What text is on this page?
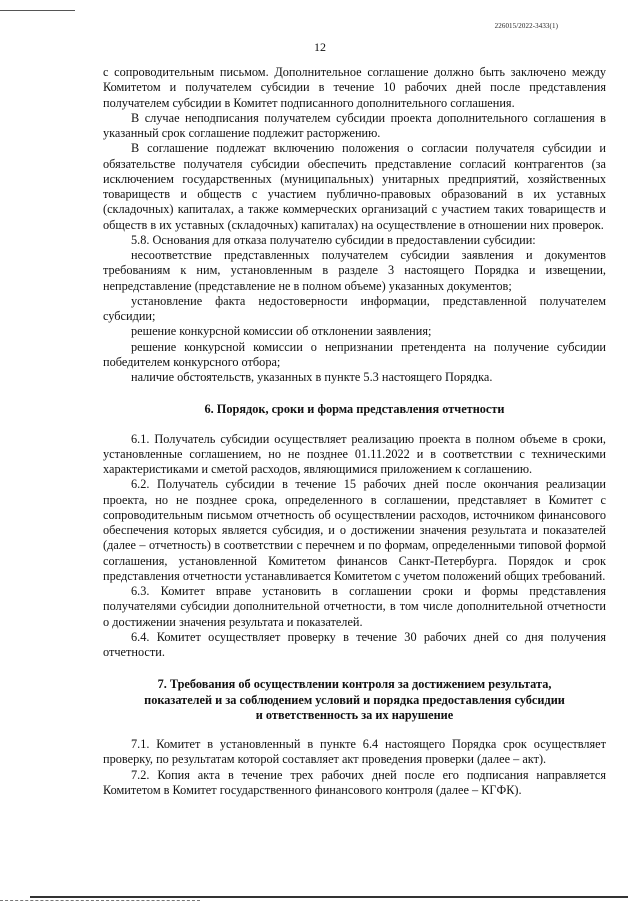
226015/2022-3433(1)
12

с сопроводительным письмом. Дополнительное соглашение должно быть заключено между Комитетом и получателем субсидии в течение 10 рабочих дней после представления получателем субсидии в Комитет подписанного дополнительного соглашения.

В случае неподписания получателем субсидии проекта дополнительного соглашения в указанный срок соглашение подлежит расторжению.

В соглашение подлежат включению положения о согласии получателя субсидии и обязательстве получателя субсидии обеспечить представление согласий контрагентов (за исключением государственных (муниципальных) унитарных предприятий, хозяйственных товариществ и обществ с участием публично-правовых образований в их уставных (складочных) капиталах, а также коммерческих организаций с участием таких товариществ и обществ в их уставных (складочных) капиталах) на осуществление в отношении них проверок.

5.8. Основания для отказа получателю субсидии в предоставлении субсидии:

несоответствие представленных получателем субсидии заявления и документов требованиям к ним, установленным в разделе 3 настоящего Порядка и извещении, непредставление (представление не в полном объеме) указанных документов;

установление факта недостоверности информации, представленной получателем субсидии;

решение конкурсной комиссии об отклонении заявления;

решение конкурсной комиссии о непризнании претендента на получение субсидии победителем конкурсного отбора;

наличие обстоятельств, указанных в пункте 5.3 настоящего Порядка.

6. Порядок, сроки и форма представления отчетности

6.1. Получатель субсидии осуществляет реализацию проекта в полном объеме в сроки, установленные соглашением, но не позднее 01.11.2022 и в соответствии с техническими характеристиками и сметой расходов, являющимися приложением к соглашению.

6.2. Получатель субсидии в течение 15 рабочих дней после окончания реализации проекта, но не позднее срока, определенного в соглашении, представляет в Комитет с сопроводительным письмом отчетность об осуществлении расходов, источником финансового обеспечения которых является субсидия, и о достижении значения результата и показателей (далее – отчетность) в соответствии с перечнем и по формам, определенными типовой формой соглашения, установленной Комитетом финансов Санкт-Петербурга. Порядок и срок представления отчетности устанавливается Комитетом с учетом положений общих требований.

6.3. Комитет вправе установить в соглашении сроки и формы представления получателями субсидии дополнительной отчетности, в том числе дополнительной отчетности о достижении значения результата и показателей.

6.4. Комитет осуществляет проверку в течение 30 рабочих дней со дня получения отчетности.

7. Требования об осуществлении контроля за достижением результата,
показателей и за соблюдением условий и порядка предоставления субсидии
и ответственность за их нарушение

7.1. Комитет в установленный в пункте 6.4 настоящего Порядка срок осуществляет проверку, по результатам которой составляет акт проведения проверки (далее – акт).

7.2. Копия акта в течение трех рабочих дней после его подписания направляется Комитетом в Комитет государственного финансового контроля (далее – КГФК).
